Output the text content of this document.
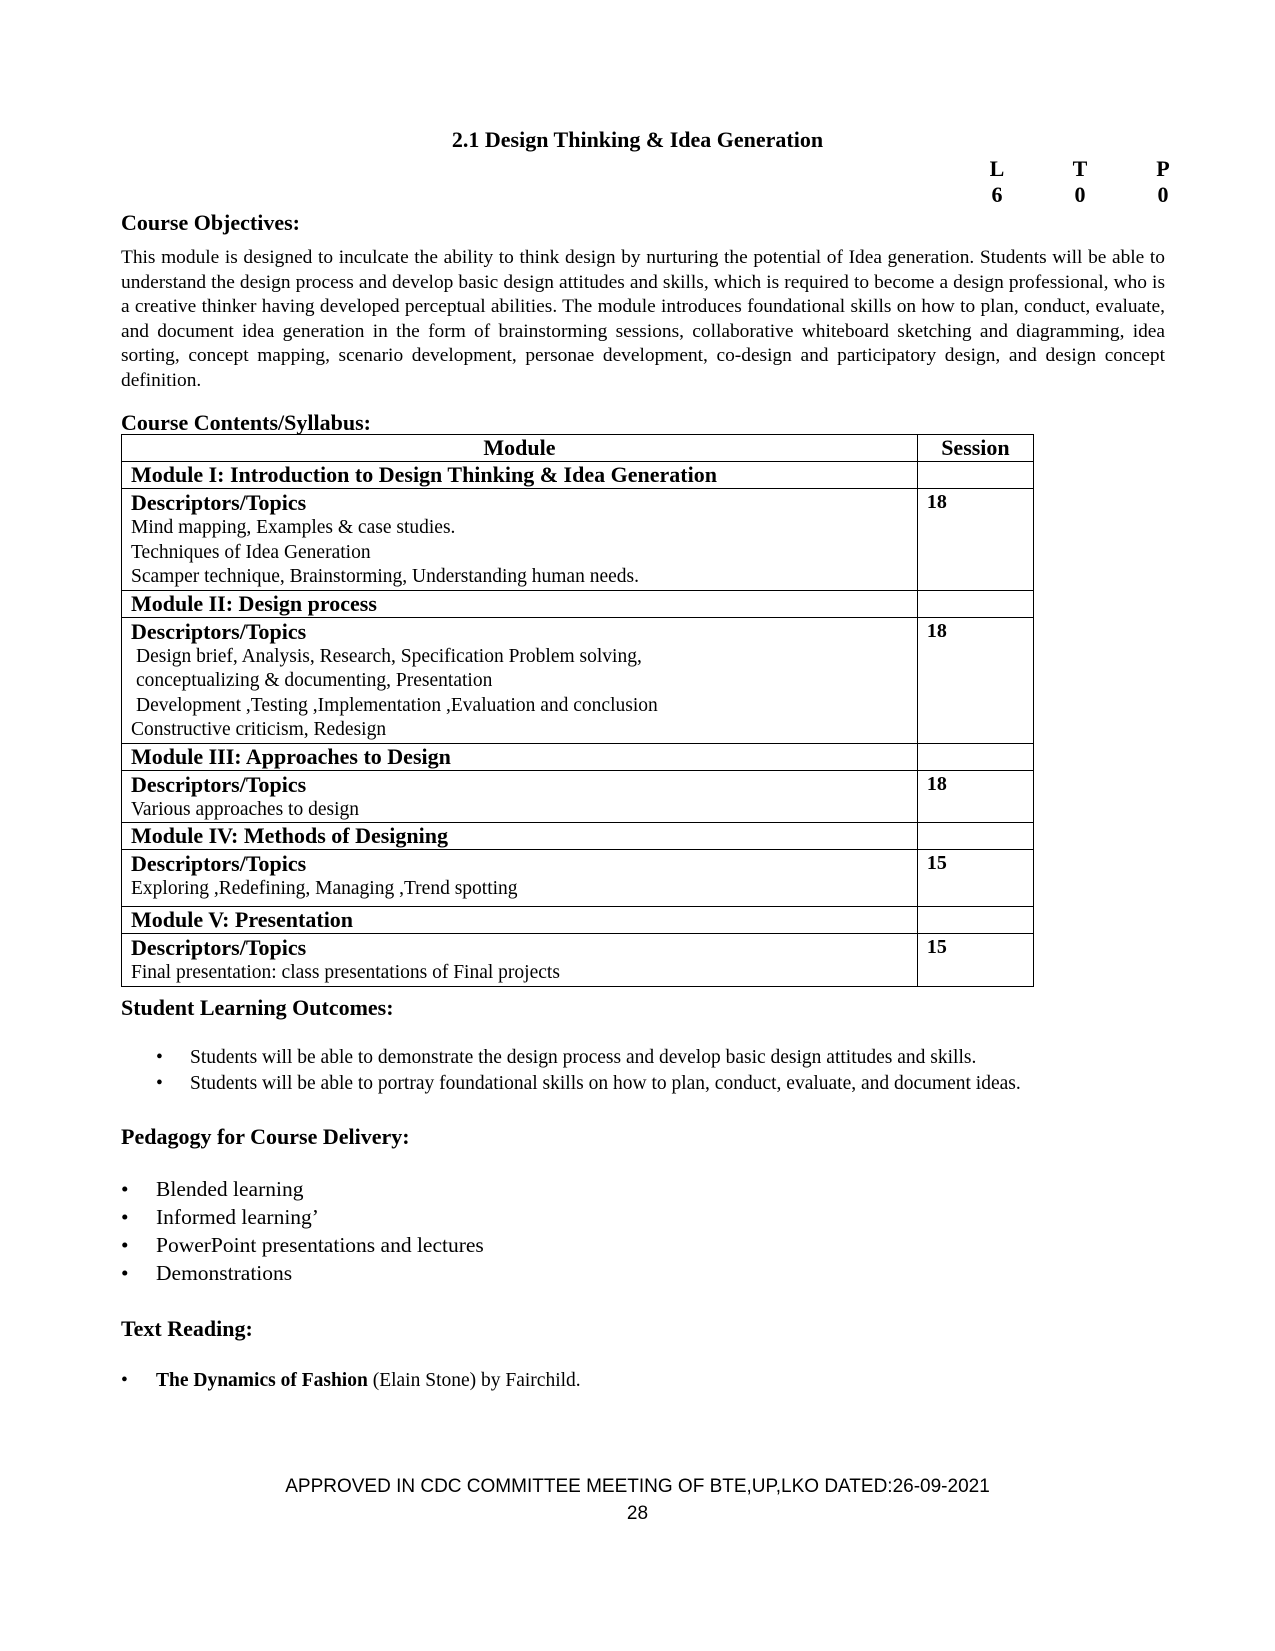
2.1 Design Thinking & Idea Generation
L	T	P
6	0	0
Course Objectives:

This module is designed to inculcate the ability to think design by nurturing the potential of Idea generation. Students will be able to understand the design process and develop basic design attitudes and skills, which is required to become a design professional, who is a creative thinker having developed perceptual abilities. The module introduces foundational skills on how to plan, conduct, evaluate, and document idea generation in the form of brainstorming sessions, collaborative whiteboard sketching and diagramming, idea sorting, concept mapping, scenario development, personae development, co-design and participatory design, and design concept definition.

Course Contents/Syllabus:
Module	Session
Module I: Introduction to Design Thinking & Idea Generation	

Descriptors/Topics
Mind mapping, Examples & case studies.
Techniques of Idea Generation
Scamper technique, Brainstorming, Understanding human needs.	18
Module II: Design process	

Descriptors/Topics
Design brief, Analysis, Research, Specification Problem solving,
conceptualizing & documenting, Presentation
Development ,Testing ,Implementation ,Evaluation and conclusion
Constructive criticism, Redesign	18
Module III: Approaches to Design	

Descriptors/Topics
Various approaches to design	18
Module IV: Methods of Designing	

Descriptors/Topics
Exploring ,Redefining, Managing ,Trend spotting	15
Module V: Presentation	

Descriptors/Topics
Final presentation: class presentations of Final projects	15
Student Learning Outcomes:
• Students will be able to demonstrate the design process and develop basic design attitudes and skills.
• Students will be able to portray foundational skills on how to plan, conduct, evaluate, and document ideas.
Pedagogy for Course Delivery:
• Blended learning
• Informed learning’
• PowerPoint presentations and lectures
• Demonstrations
Text Reading:
• The Dynamics of Fashion (Elain Stone) by Fairchild.
APPROVED IN CDC COMMITTEE MEETING OF BTE,UP,LKO DATED:26-09-2021
28
